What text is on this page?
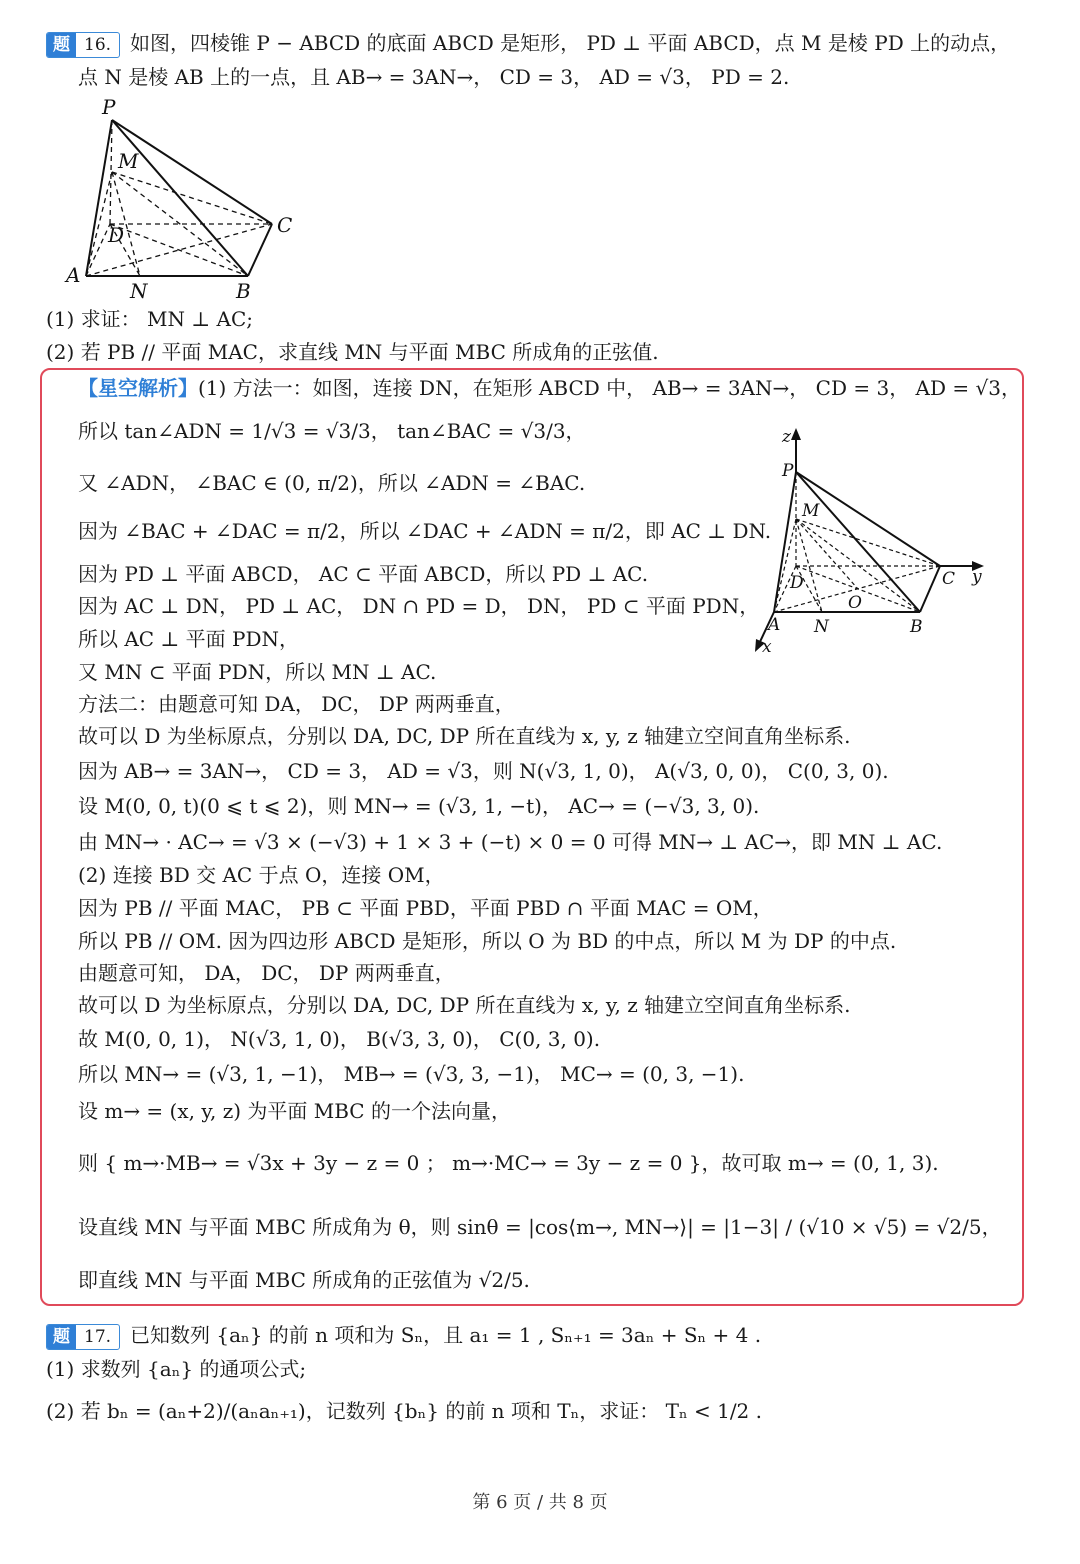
题 16. 如图，四棱锥 P − ABCD 的底面 ABCD 是矩形， PD ⊥ 平面 ABCD，点 M 是棱 PD 上的动点，
点 N 是棱 AB 上的一点，且 AB→ = 3AN→， CD = 3， AD = √3， PD = 2.
P
M
D	C
A
N	B
(1) 求证： MN ⊥ AC;
(2) 若 PB // 平面 MAC，求直线 MN 与平面 MBC 所成角的正弦值.
【星空解析】(1) 方法一：如图，连接 DN，在矩形 ABCD 中， AB→ = 3AN→， CD = 3， AD = √3，
所以 tan∠ADN = 1/√3 = √3/3， tan∠BAC = √3/3，
又 ∠ADN， ∠BAC ∈ (0, π/2)，所以 ∠ADN = ∠BAC.
因为 ∠BAC + ∠DAC = π/2，所以 ∠DAC + ∠ADN = π/2，即 AC ⊥ DN.
因为 PD ⊥ 平面 ABCD， AC ⊂ 平面 ABCD，所以 PD ⊥ AC.
因为 AC ⊥ DN， PD ⊥ AC， DN ∩ PD = D， DN， PD ⊂ 平面 PDN，
所以 AC ⊥ 平面 PDN，
又 MN ⊂ 平面 PDN，所以 MN ⊥ AC.
方法二：由题意可知 DA， DC， DP 两两垂直，
故可以 D 为坐标原点，分别以 DA, DC, DP 所在直线为 x, y, z 轴建立空间直角坐标系.
因为 AB→ = 3AN→， CD = 3， AD = √3，则 N(√3, 1, 0)， A(√3, 0, 0)， C(0, 3, 0).
设 M(0, 0, t)(0 ⩽ t ⩽ 2)，则 MN→ = (√3, 1, −t)， AC→ = (−√3, 3, 0).
由 MN→ · AC→ = √3 × (−√3) + 1 × 3 + (−t) × 0 = 0 可得 MN→ ⊥ AC→，即 MN ⊥ AC.
(2) 连接 BD 交 AC 于点 O，连接 OM，
因为 PB // 平面 MAC， PB ⊂ 平面 PBD，平面 PBD ∩ 平面 MAC = OM，
所以 PB // OM. 因为四边形 ABCD 是矩形，所以 O 为 BD 的中点，所以 M 为 DP 的中点.
由题意可知， DA， DC， DP 两两垂直，
故可以 D 为坐标原点，分别以 DA, DC, DP 所在直线为 x, y, z 轴建立空间直角坐标系.
故 M(0, 0, 1)， N(√3, 1, 0)， B(√3, 3, 0)， C(0, 3, 0).
所以 MN→ = (√3, 1, −1)， MB→ = (√3, 3, −1)， MC→ = (0, 3, −1).
设 m→ = (x, y, z) 为平面 MBC 的一个法向量，
则 { m→·MB→ = √3x + 3y − z = 0 ； m→·MC→ = 3y − z = 0 }，故可取 m→ = (0, 1, 3).
设直线 MN 与平面 MBC 所成角为 θ，则 sinθ = |cos⟨m→, MN→⟩| = |1−3| / (√10 × √5) = √2/5，
即直线 MN 与平面 MBC 所成角的正弦值为 √2/5.
z
P
M
D
O
C y
A N	B
x
题 17. 已知数列 {aₙ} 的前 n 项和为 Sₙ，且 a₁ = 1 , Sₙ₊₁ = 3aₙ + Sₙ + 4 .
(1) 求数列 {aₙ} 的通项公式;
(2) 若 bₙ = (aₙ+2)/(aₙaₙ₊₁)，记数列 {bₙ} 的前 n 项和 Tₙ，求证： Tₙ < 1/2 .
第 6 页 / 共 8 页
